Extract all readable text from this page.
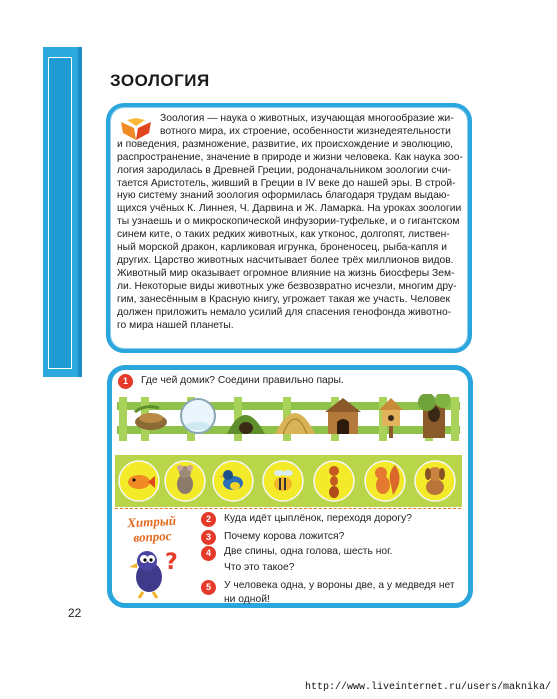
В стране знаний	ЗООЛОГИЯ
Зоология — наука о животных, изучающая многообразие жи-
вотного мира, их строение, особенности жизнедеятельности
и поведения, размножение, развитие, их происхождение и эволюцию,
распространение, значение в природе и жизни человека. Как наука зоо-
логия зародилась в Древней Греции, родоначальником зоологии счи-
тается Аристотель, живший в Греции в IV веке до нашей эры. В строй-
ную систему знаний зоология оформилась благодаря трудам выдаю-
щихся учёных К. Линнея, Ч. Дарвина и Ж. Ламарка. На уроках зоологии
ты узнаешь и о микроскопической инфузории-туфельке, и о гигантском
синем ките, о таких редких животных, как утконос, долгопят, листвен-
ный морской дракон, карликовая игрунка, броненосец, рыба-капля и
других. Царство животных насчитывает более трёх миллионов видов.
Животный мир оказывает огромное влияние на жизнь биосферы Зем-
ли. Некоторые виды животных уже безвозвратно исчезли, многим дру-
гим, занесённым в Красную книгу, угрожает такая же участь. Человек
должен приложить немало усилий для спасения генофонда животно-
го мира нашей планеты.
1	Где чей домик? Соедини правильно пары.
Хитрый
вопрос
?
2	Куда идёт цыплёнок, переходя дорогу?
3	Почему корова ложится?
4	Две спины, одна голова, шесть ног.
Что это такое?
5	У человека одна, у вороны две, а у медведя нет
ни одной!
22
http://www.liveinternet.ru/users/maknika/
